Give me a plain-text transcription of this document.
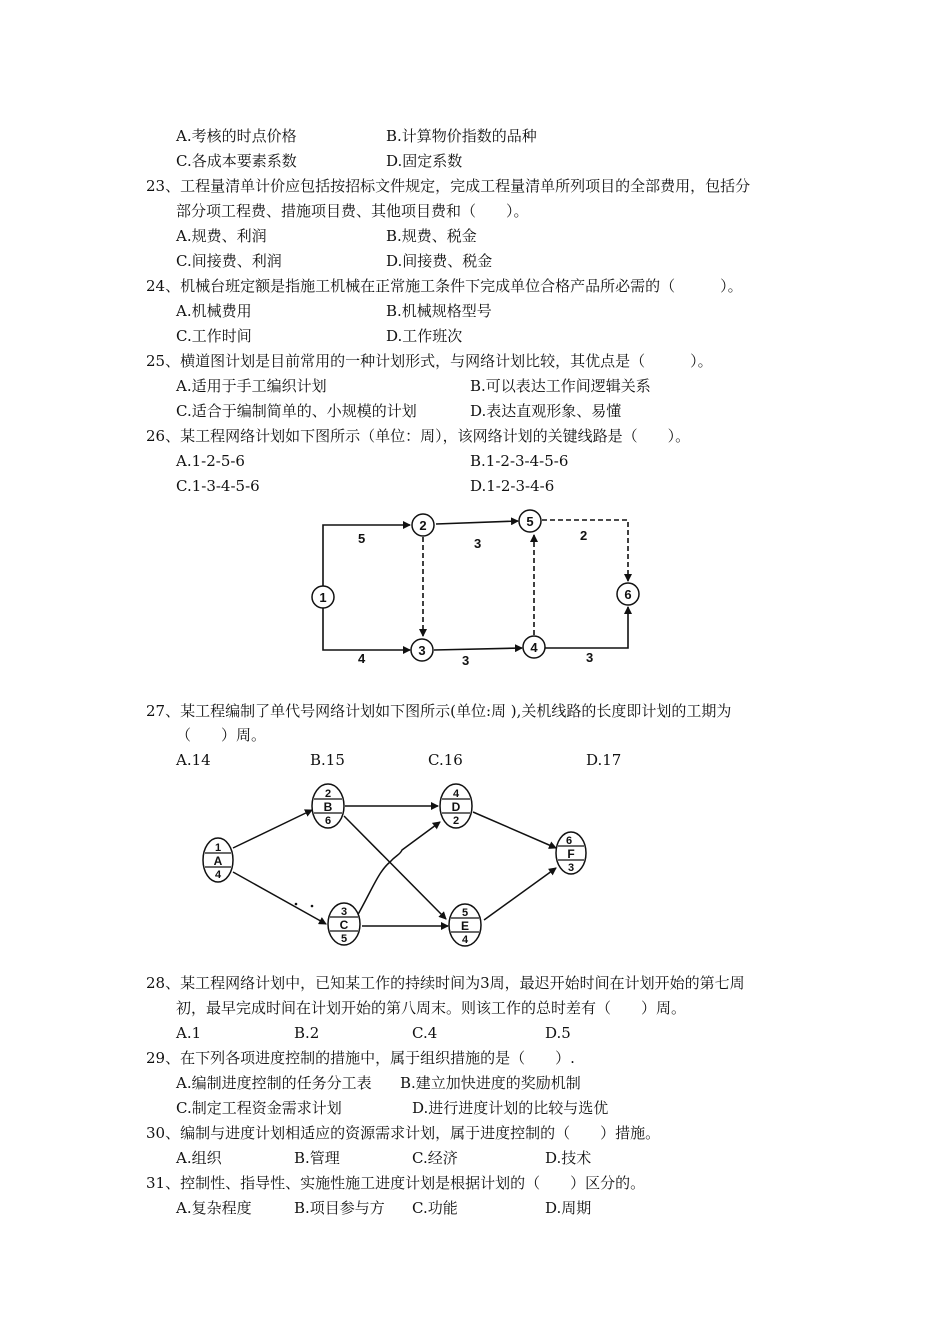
A.考核的时点价格	B.计算物价指数的品种
C.各成本要素系数	D.固定系数
23、工程量清单计价应包括按招标文件规定，完成工程量清单所列项目的全部费用，包括分
部分项工程费、措施项目费、其他项目费和（　　）。
A.规费、利润	B.规费、税金
C.间接费、利润	D.间接费、税金
24、机械台班定额是指施工机械在正常施工条件下完成单位合格产品所必需的（　　　）。
A.机械费用	B.机械规格型号
C.工作时间	D.工作班次
25、横道图计划是目前常用的一种计划形式，与网络计划比较，其优点是（　　　）。
A.适用于手工编织计划	B.可以表达工作间逻辑关系
C.适合于编制简单的、小规模的计划	D.表达直观形象、易懂
26、某工程网络计划如下图所示（单位：周），该网络计划的关键线路是（　　）。
A.1-2-5-6	B.1-2-3-4-5-6
C.1-3-4-5-6	D.1-2-3-4-6
1
2
3	4
5
6
5	3
2
4	3	3
27、某工程编制了单代号网络计划如下图所示(单位:周 ),关机线路的长度即计划的工期为
（　　）周。
A.14	B.15	C.16	D.17
1
A
4
2
B
6
3
C
5
4
D
2
5
E
4
6
F
3
28、某工程网络计划中，已知某工作的持续时间为3周，最迟开始时间在计划开始的第七周
初，最早完成时间在计划开始的第八周末。则该工作的总时差有（　　）周。
A.1	B.2	C.4	D.5
29、在下列各项进度控制的措施中，属于组织措施的是（　　）.
A.编制进度控制的任务分工表 B.建立加快进度的奖励机制
C.制定工程资金需求计划	D.进行进度计划的比较与选优
30、编制与进度计划相适应的资源需求计划，属于进度控制的（　　）措施。
A.组织	B.管理	C.经济	D.技术
31、控制性、指导性、实施性施工进度计划是根据计划的（　　）区分的。
A.复杂程度	B.项目参与方 C.功能	D.周期
